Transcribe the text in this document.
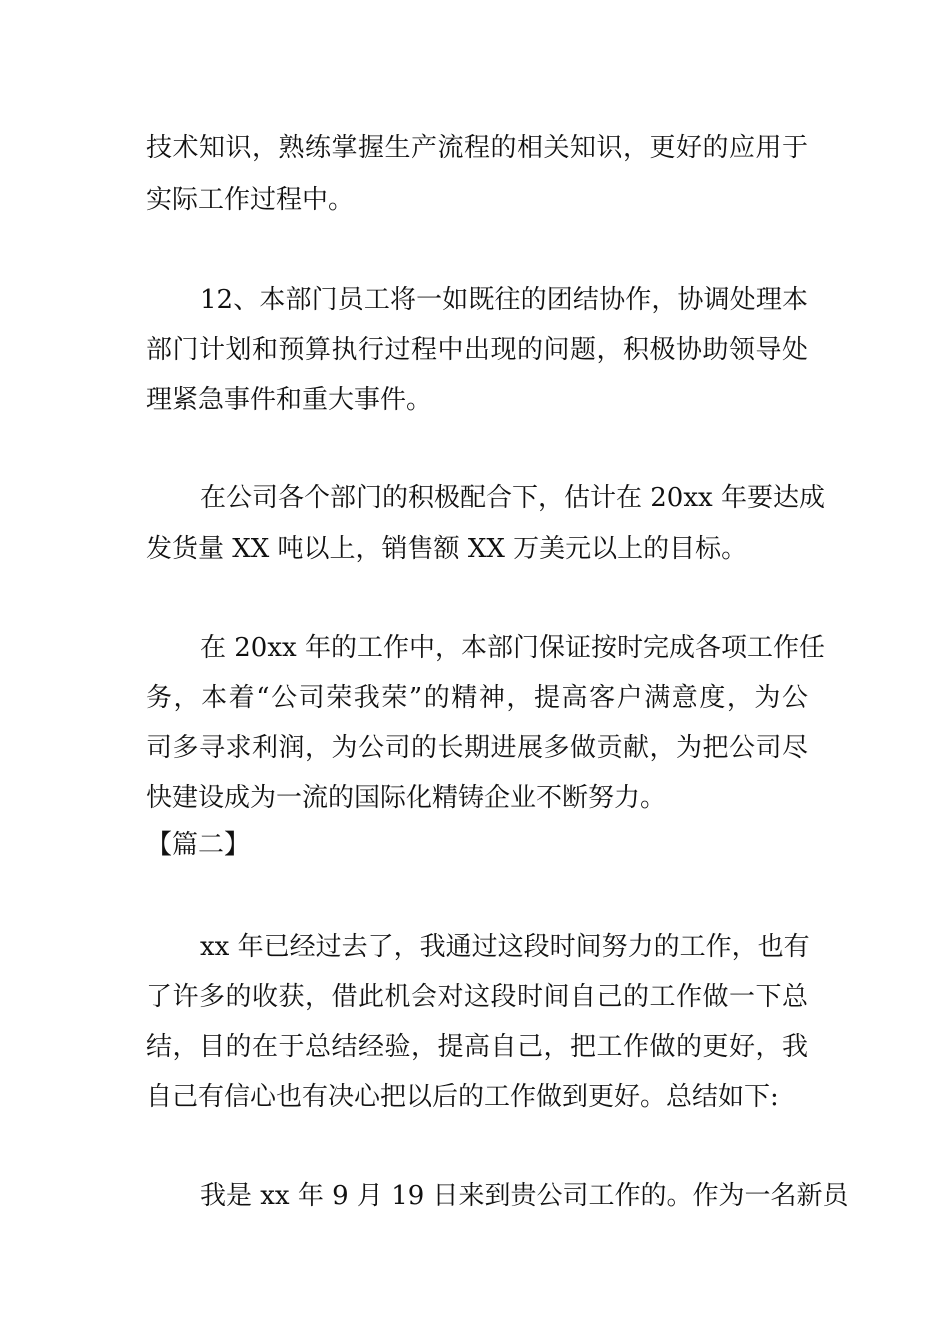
技术知识，熟练掌握生产流程的相关知识，更好的应用于
实际工作过程中。
12、本部门员工将一如既往的团结协作，协调处理本
部门计划和预算执行过程中出现的问题，积极协助领导处
理紧急事件和重大事件。
在公司各个部门的积极配合下，估计在 20xx 年要达成
发货量 XX 吨以上，销售额 XX 万美元以上的目标。
在 20xx 年的工作中，本部门保证按时完成各项工作任
务，本着“公司荣我荣”的精神，提高客户满意度，为公
司多寻求利润，为公司的长期进展多做贡献，为把公司尽
快建设成为一流的国际化精铸企业不断努力。
【篇二】
xx 年已经过去了，我通过这段时间努力的工作，也有
了许多的收获，借此机会对这段时间自己的工作做一下总
结，目的在于总结经验，提高自己，把工作做的更好，我
自己有信心也有决心把以后的工作做到更好。总结如下:
我是 xx 年 9 月 19 日来到贵公司工作的。作为一名新员
